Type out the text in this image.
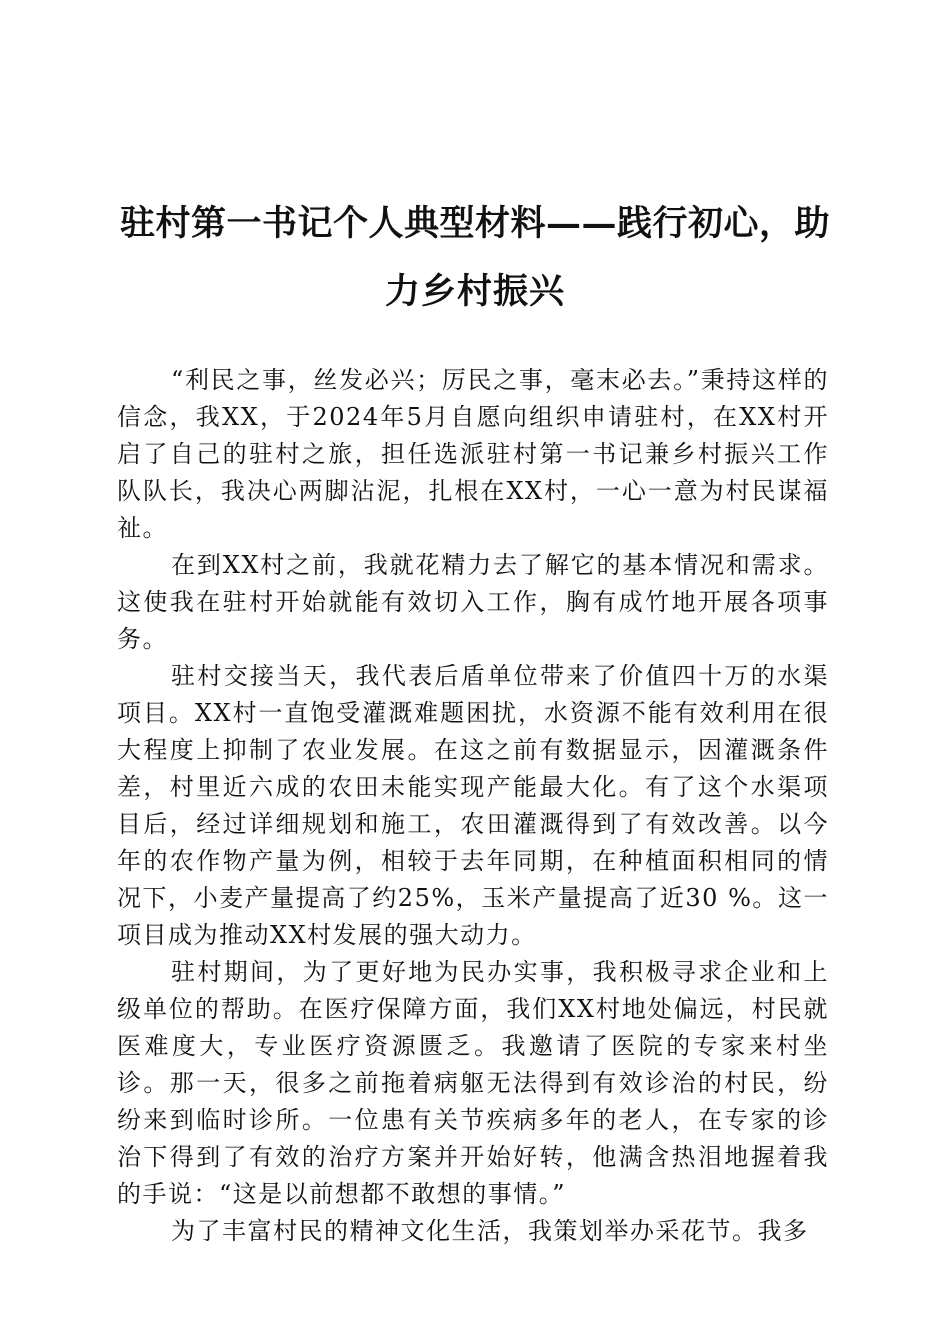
驻村第一书记个人典型材料——践行初心，助
力乡村振兴

“利民之事，丝发必兴；厉民之事，毫末必去。”秉持这样的信念，我XX，于2024年5月自愿向组织申请驻村，在XX村开启了自己的驻村之旅，担任选派驻村第一书记兼乡村振兴工作队队长，我决心两脚沾泥，扎根在XX村，一心一意为村民谋福祉。

在到XX村之前，我就花精力去了解它的基本情况和需求。这使我在驻村开始就能有效切入工作，胸有成竹地开展各项事务。

驻村交接当天，我代表后盾单位带来了价值四十万的水渠项目。XX村一直饱受灌溉难题困扰，水资源不能有效利用在很大程度上抑制了农业发展。在这之前有数据显示，因灌溉条件差，村里近六成的农田未能实现产能最大化。有了这个水渠项目后，经过详细规划和施工，农田灌溉得到了有效改善。以今年的农作物产量为例，相较于去年同期，在种植面积相同的情况下，小麦产量提高了约25%，玉米产量提高了近30 %。这一项目成为推动XX村发展的强大动力。

驻村期间，为了更好地为民办实事，我积极寻求企业和上级单位的帮助。在医疗保障方面，我们XX村地处偏远，村民就医难度大，专业医疗资源匮乏。我邀请了医院的专家来村坐诊。那一天，很多之前拖着病躯无法得到有效诊治的村民，纷纷来到临时诊所。一位患有关节疾病多年的老人，在专家的诊治下得到了有效的治疗方案并开始好转，他满含热泪地握着我的手说：“这是以前想都不敢想的事情。”

为了丰富村民的精神文化生活，我策划举办采花节。我多
